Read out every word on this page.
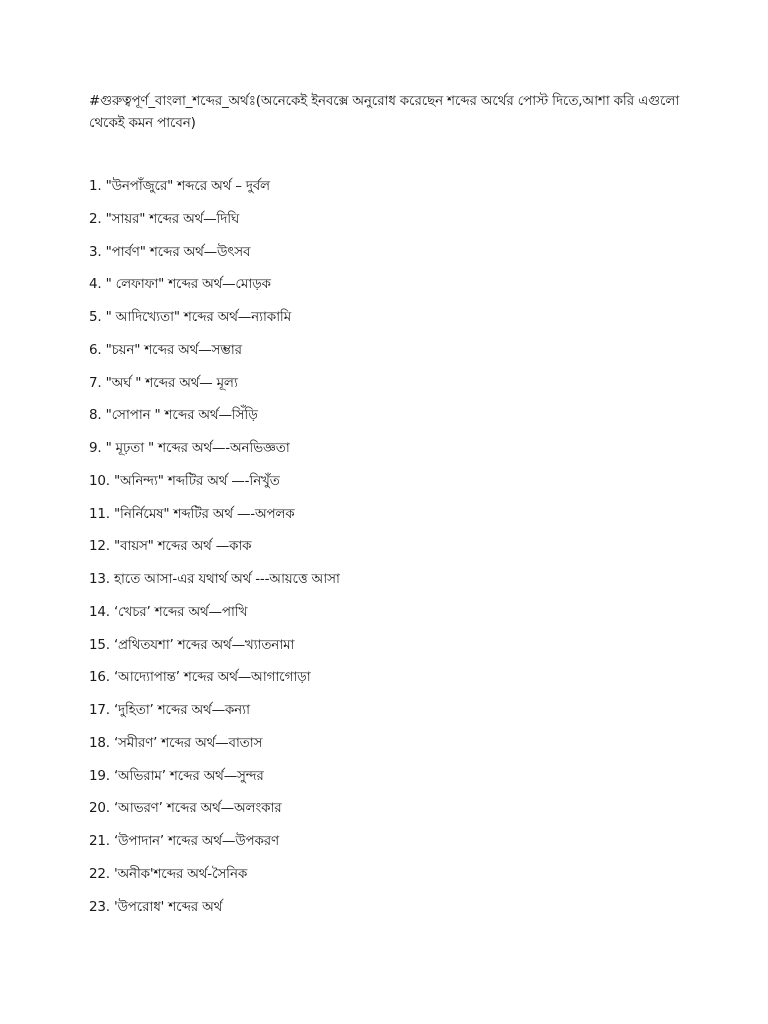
#গুরুত্বপূর্ণ_বাংলা_শব্দের_অর্থঃ(অনেকেই ইনবক্সে অনুরোধ করেছেন শব্দের অর্থের পোস্ট দিতে,আশা করি এগুলো থেকেই কমন পাবেন)
1. "উনপাঁজুরে" শব্দরে অর্থ – দুর্বল
2. "সায়র" শব্দের অর্থ—দিঘি
3. "পার্বণ" শব্দের অর্থ—উৎসব
4. " লেফাফা" শব্দের অর্থ—মোড়ক
5. " আদিখ্যেতা" শব্দের অর্থ—ন্যাকামি
6. "চয়ন" শব্দের অর্থ—সম্ভার
7. "অর্ঘ " শব্দের অর্থ— মূল্য
8. "সোপান " শব্দের অর্থ—সিঁড়ি
9. " মূঢ়তা " শব্দের অর্থ—-অনভিজ্ঞতা
10. "অনিন্দ্য" শব্দটির অর্থ —-নিখুঁত
11. "নির্নিমেষ" শব্দটির অর্থ —-অপলক
12. "বায়স" শব্দের অর্থ —কাক
13. হাতে আসা-এর যথার্থ অর্থ ---আয়ত্তে আসা
14. ‘খেচর’ শব্দের অর্থ—পাখি
15. ‘প্রথিতযশা’ শব্দের অর্থ—খ্যাতনামা
16. ‘আদ্যোপান্ত’ শব্দের অর্থ—আগাগোড়া
17. ‘দুহিতা’ শব্দের অর্থ—কন্যা
18. ‘সমীরণ’ শব্দের অর্থ—বাতাস
19. ‘অভিরাম’ শব্দের অর্থ—সুন্দর
20. ‘আভরণ’ শব্দের অর্থ—অলংকার
21. ‘উপাদান’ শব্দের অর্থ—উপকরণ
22. 'অনীক'শব্দের অর্থ-সৈনিক
23. 'উপরোধ' শব্দের অর্থ
